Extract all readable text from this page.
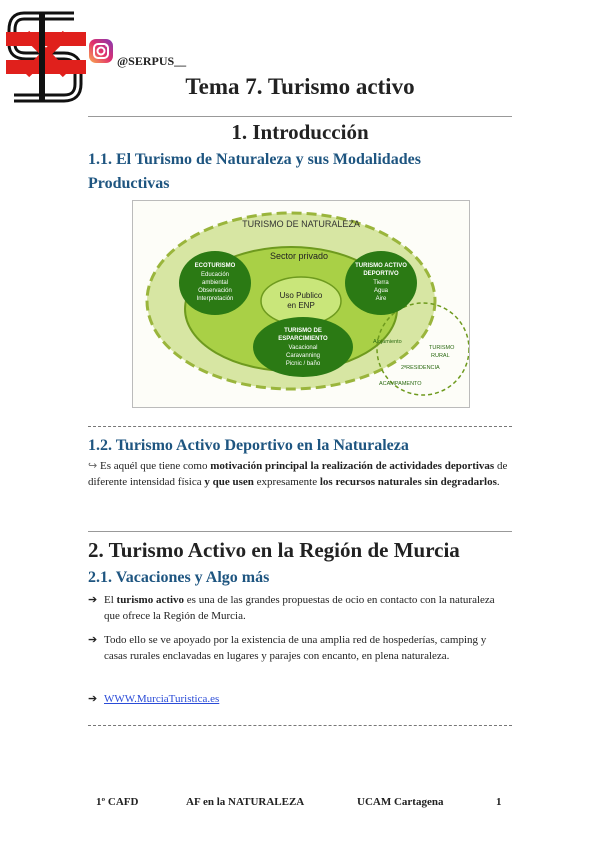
@SERPUS__
Tema 7. Turismo activo
1. Introducción
1.1. El Turismo de Naturaleza y sus Modalidades
Productivas
TURISMO DE NATURALEZA
Sector privado
Uso Publico
en ENP
ECOTURISMO
Educación
ambiental
Observación
Interpretación
TURISMO ACTIVO
DEPORTIVO
Tierra
Agua
Aire
TURISMO DE
ESPARCIMIENTO
Vacacional
Caravanning
Picnic / baño
Alojamiento
TURISMO
RURAL
2ªRESIDENCIA
ACAMPAMENTO
1.2. Turismo Activo Deportivo en la Naturaleza
↪ Es aquél que tiene como motivación principal la realización de actividades deportivas de diferente intensidad física y que usen expresamente los recursos naturales sin degradarlos.
2. Turismo Activo en la Región de Murcia
2.1. Vacaciones y Algo más
➔ El turismo activo es una de las grandes propuestas de ocio en contacto con la naturaleza que ofrece la Región de Murcia.
➔ Todo ello se ve apoyado por la existencia de una amplia red de hospederías, camping y casas rurales enclavadas en lugares y parajes con encanto, en plena naturaleza.
➔ WWW.MurciaTuristica.es
1º CAFD	AF en la NATURALEZA	UCAM Cartagena	1
